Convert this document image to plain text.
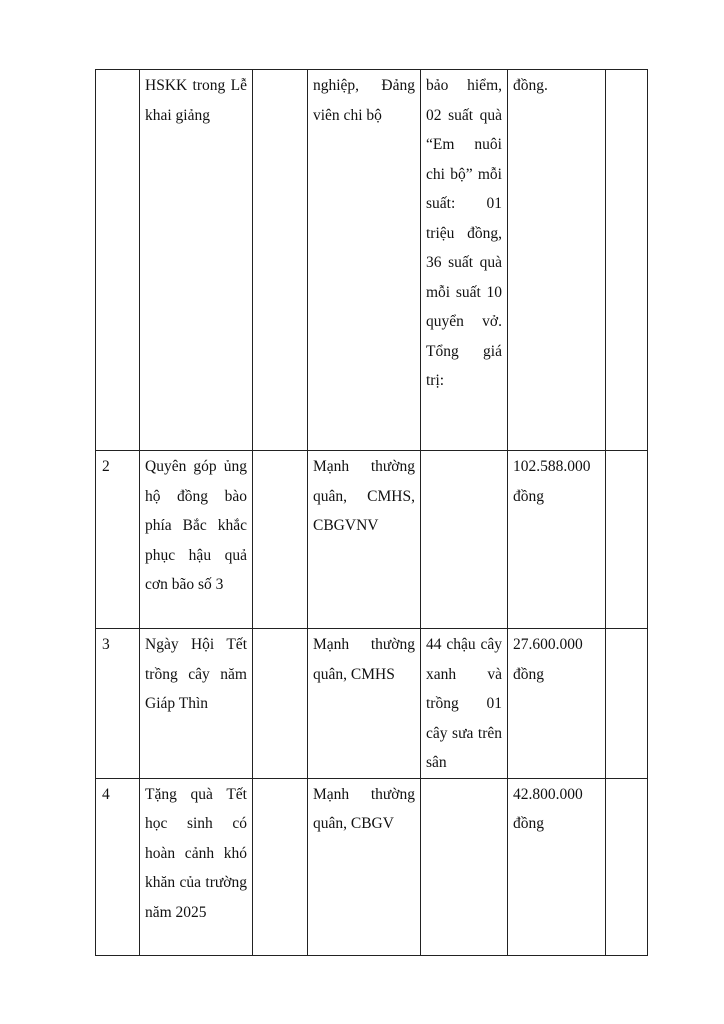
	HSKK trong Lễ khai giảng		nghiệp, Đảng viên chi bộ	bảo hiểm, 02 suất quà “Em nuôi chi bộ” mỗi suất: 01 triệu đồng, 36 suất quà mỗi suất 10 quyển vở. Tổng giá trị:	đồng.	
2	Quyên góp ủng hộ đồng bào phía Bắc khắc phục hậu quả cơn bão số 3		Mạnh thường quân, CMHS, CBGVNV		102.588.000 đồng	
3	Ngày Hội Tết trồng cây năm Giáp Thìn		Mạnh thường quân, CMHS	44 chậu cây xanh và trồng 01 cây sưa trên sân	27.600.000 đồng	
4	Tặng quà Tết học sinh có hoàn cảnh khó khăn của trường năm 2025		Mạnh thường quân, CBGV		42.800.000 đồng	
